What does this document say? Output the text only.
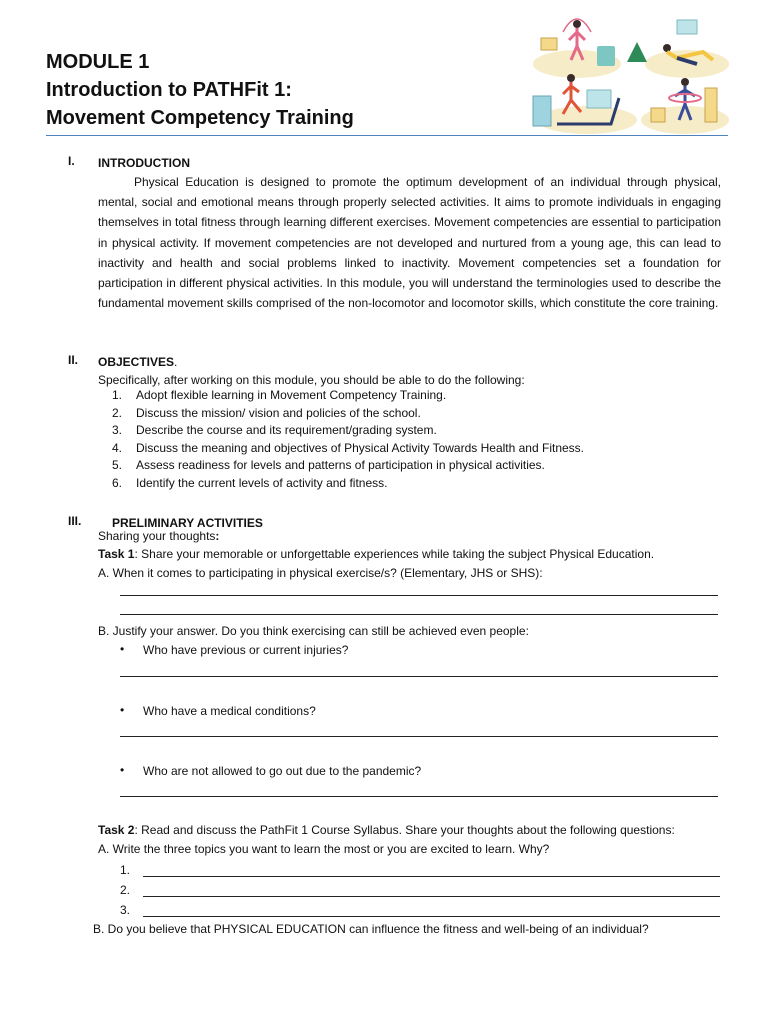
MODULE 1
Introduction to PATHFit 1:
Movement Competency Training
I. INTRODUCTION
Physical Education is designed to promote the optimum development of an individual through physical, mental, social and emotional means through properly selected activities. It aims to promote individuals in engaging themselves in total fitness through learning different exercises. Movement competencies are essential to participation in physical activity. If movement competencies are not developed and nurtured from a young age, this can lead to inactivity and health and social problems linked to inactivity. Movement competencies set a foundation for participation in different physical activities. In this module, you will understand the terminologies used to describe the fundamental movement skills comprised of the non-locomotor and locomotor skills, which constitute the core training.
II. OBJECTIVES.
Specifically, after working on this module, you should be able to do the following:
1. Adopt flexible learning in Movement Competency Training.
2. Discuss the mission/ vision and policies of the school.
3. Describe the course and its requirement/grading system.
4. Discuss the meaning and objectives of Physical Activity Towards Health and Fitness.
5. Assess readiness for levels and patterns of participation in physical activities.
6. Identify the current levels of activity and fitness.
III.	PRELIMINARY ACTIVITIES
Sharing your thoughts:
Task 1: Share your memorable or unforgettable experiences while taking the subject Physical Education.
A. When it comes to participating in physical exercise/s? (Elementary, JHS or SHS):
B. Justify your answer. Do you think exercising can still be achieved even people:
• Who have previous or current injuries?
• Who have a medical conditions?
• Who are not allowed to go out due to the pandemic?
Task 2: Read and discuss the PathFit 1 Course Syllabus. Share your thoughts about the following questions:
A. Write the three topics you want to learn the most or you are excited to learn. Why?
1.
2.
3.
B. Do you believe that PHYSICAL EDUCATION can influence the fitness and well-being of an individual?
